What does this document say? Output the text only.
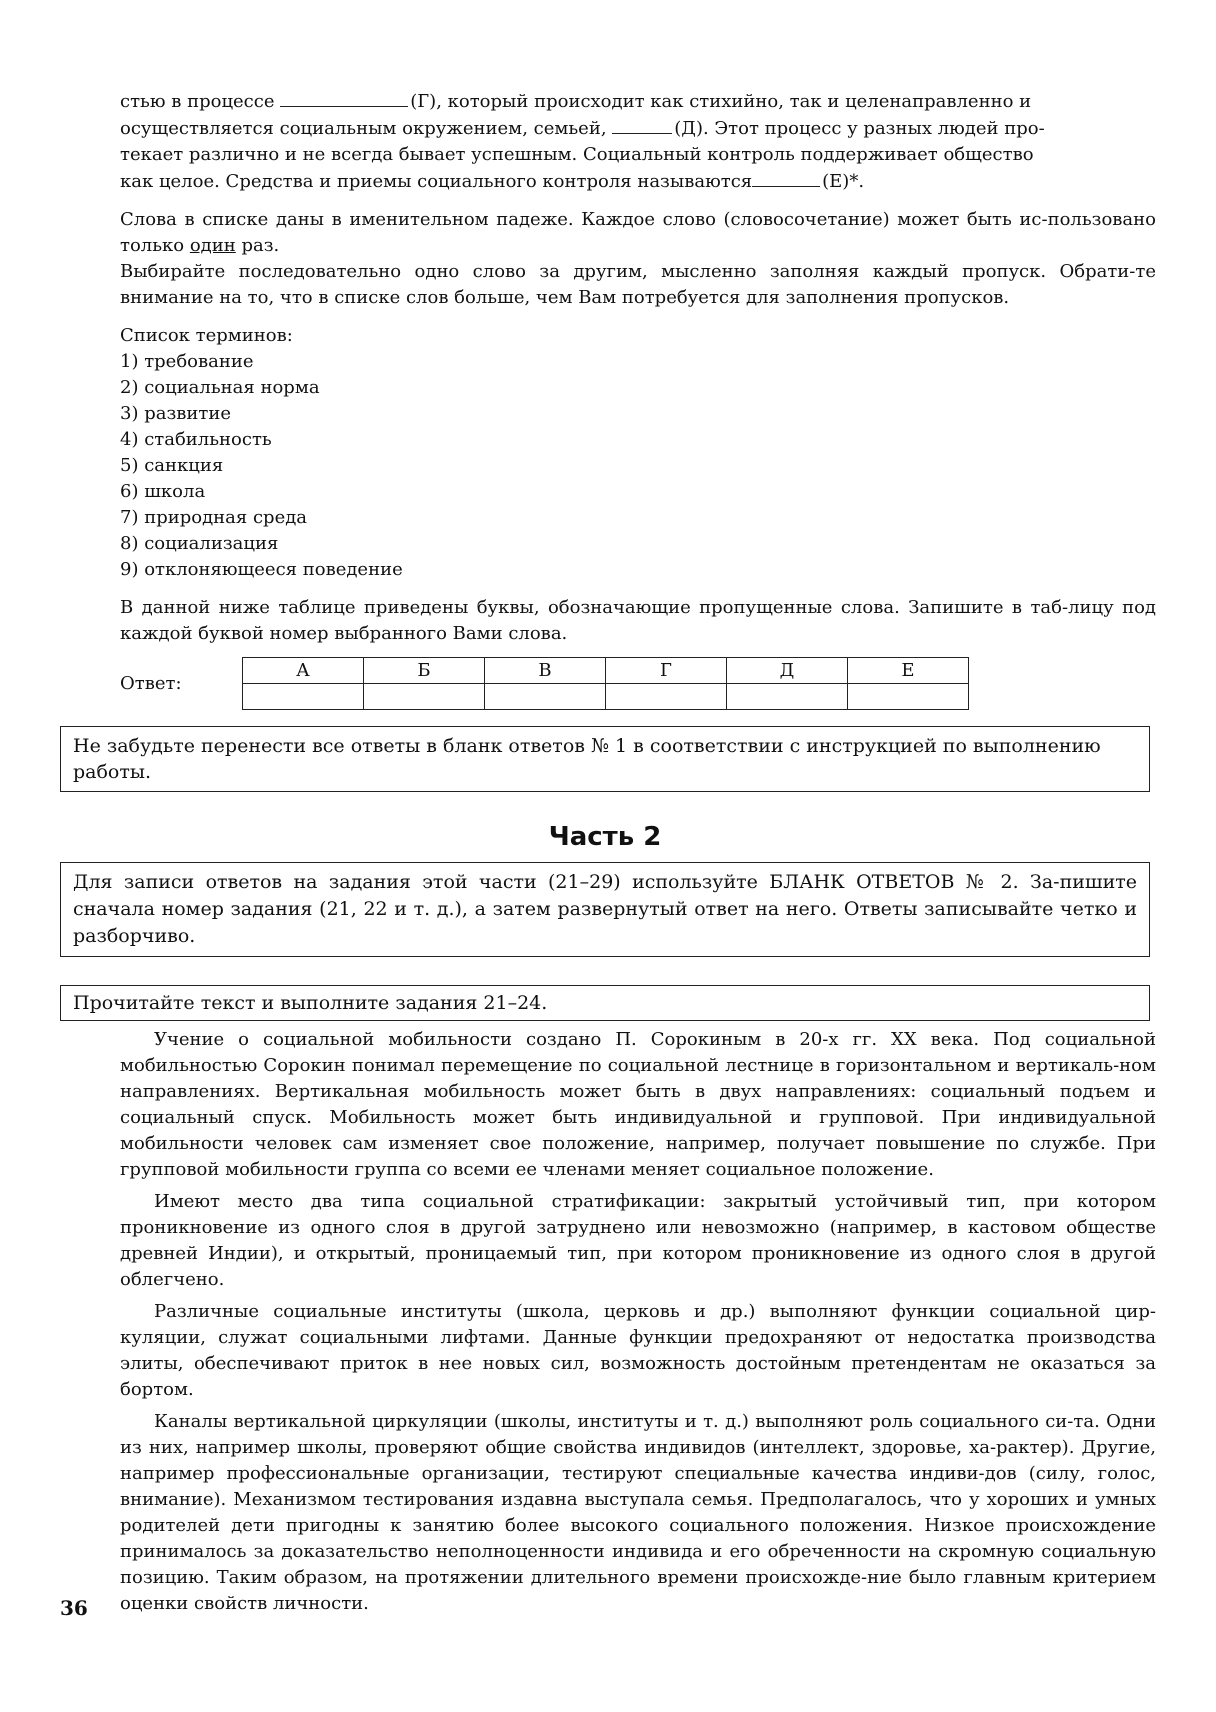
стью в процессе	(Г), который происходит как стихийно, так и целенаправленно и

осуществляется социальным окружением, семьей,	(Д). Этот процесс у разных людей про-

текает различно и не всегда бывает успешным. Социальный контроль поддерживает общество

как целое. Средства и приемы социального контроля называются	(Е)*.

Слова в списке даны в именительном падеже. Каждое слово (словосочетание) может быть ис-пользовано только один раз.

Выбирайте последовательно одно слово за другим, мысленно заполняя каждый пропуск. Обрати-те внимание на то, что в списке слов больше, чем Вам потребуется для заполнения пропусков.

Список терминов:

1) требование
2) социальная норма
3) развитие
4) стабильность
5) санкция
6) школа
7) природная среда
8) социализация
9) отклоняющееся поведение

В данной ниже таблице приведены буквы, обозначающие пропущенные слова. Запишите в таб-лицу под каждой буквой номер выбранного Вами слова.

Ответ:
А	Б	В	Г	Д	Е

Не забудьте перенести все ответы в бланк ответов № 1 в соответствии с инструкцией по выполнению работы.
Часть 2
Для записи ответов на задания этой части (21–29) используйте БЛАНК ОТВЕТОВ № 2. За-пишите сначала номер задания (21, 22 и т. д.), а затем развернутый ответ на него. Ответы записывайте четко и разборчиво.
Прочитайте текст и выполните задания 21–24.

Учение о социальной мобильности создано П. Сорокиным в 20-х гг. XX века. Под социальной мобильностью Сорокин понимал перемещение по социальной лестнице в горизонтальном и вертикаль-ном направлениях. Вертикальная мобильность может быть в двух направлениях: социальный подъем и социальный спуск. Мобильность может быть индивидуальной и групповой. При индивидуальной мобильности человек сам изменяет свое положение, например, получает повышение по службе. При групповой мобильности группа со всеми ее членами меняет социальное положение.

Имеют место два типа социальной стратификации: закрытый устойчивый тип, при котором проникновение из одного слоя в другой затруднено или невозможно (например, в кастовом обществе древней Индии), и открытый, проницаемый тип, при котором проникновение из одного слоя в другой облегчено.

Различные социальные институты (школа, церковь и др.) выполняют функции социальной цир-куляции, служат социальными лифтами. Данные функции предохраняют от недостатка производства элиты, обеспечивают приток в нее новых сил, возможность достойным претендентам не оказаться за бортом.

Каналы вертикальной циркуляции (школы, институты и т. д.) выполняют роль социального си-та. Одни из них, например школы, проверяют общие свойства индивидов (интеллект, здоровье, ха-рактер). Другие, например профессиональные организации, тестируют специальные качества индиви-дов (силу, голос, внимание). Механизмом тестирования издавна выступала семья. Предполагалось, что у хороших и умных родителей дети пригодны к занятию более высокого социального положения. Низкое происхождение принималось за доказательство неполноценности индивида и его обреченности на скромную социальную позицию. Таким образом, на протяжении длительного времени происхожде-ние было главным критерием оценки свойств личности.

36
